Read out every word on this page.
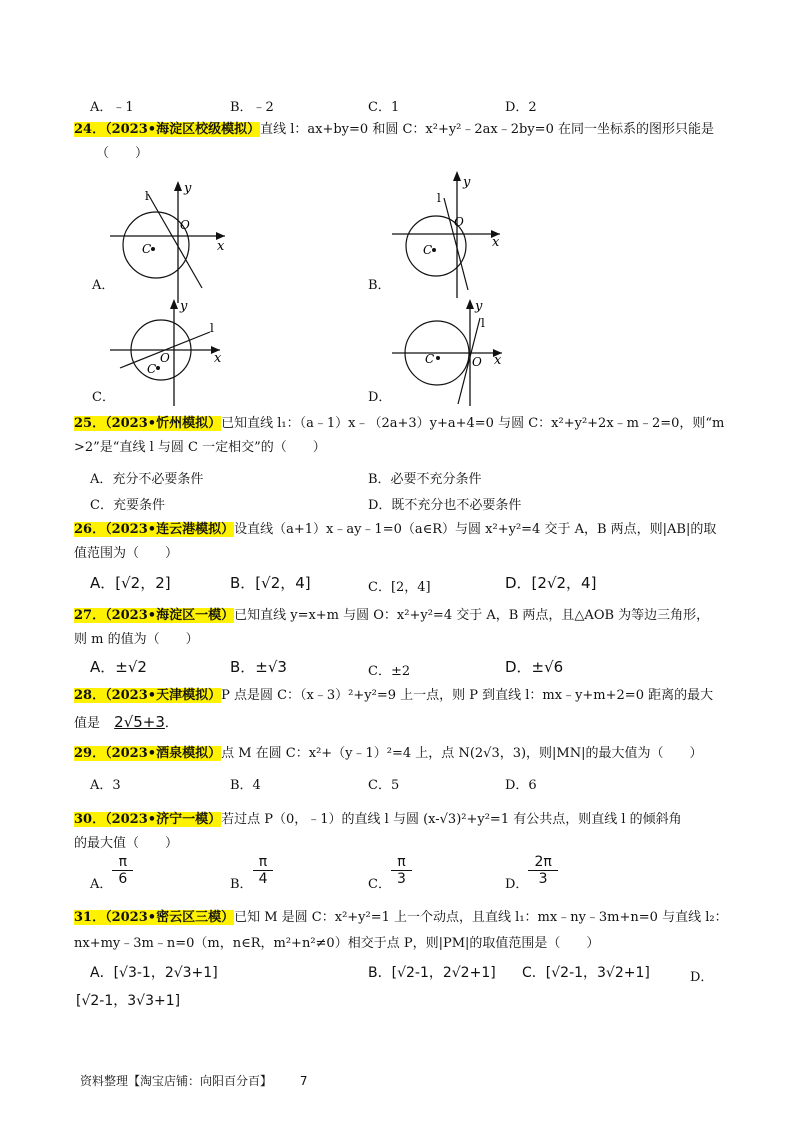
A．﹣1	B．﹣2	C．1	D．2
24．（2023•海淀区校级模拟）直线 l：ax+by=0 和圆 C：x²+y²﹣2ax﹣2by=0 在同一坐标系的图形只能是
（　　）
l	y
x
O
C
A．
l
y
x
O
C
B．
l
y
x
O
C
C．
l
y
x
O
C
D．
25．（2023•忻州模拟）已知直线 l₁：（a﹣1）x﹣（2a+3）y+a+4=0 与圆 C：x²+y²+2x﹣m﹣2=0，则“m
>2”是“直线 l 与圆 C 一定相交”的（　　）
A．充分不必要条件	B．必要不充分条件
C．充要条件	D．既不充分也不必要条件
26．（2023•连云港模拟）设直线（a+1）x﹣ay﹣1=0（a∈R）与圆 x²+y²=4 交于 A，B 两点，则|AB|的取
值范围为（　　）
A．[√2，2]	B．[√2，4]	C．[2，4]	D．[2√2，4]
27．（2023•海淀区一模）已知直线 y=x+m 与圆 O：x²+y²=4 交于 A，B 两点，且△AOB 为等边三角形，
则 m 的值为（　　）
A．±√2	B．±√3	C．±2	D．±√6
28．（2023•天津模拟）P 点是圆 C：（x﹣3）²+y²=9 上一点，则 P 到直线 l：mx﹣y+m+2=0 距离的最大
值是 2√5+3．
29．（2023•酒泉模拟）点 M 在圆 C：x²+（y﹣1）²=4 上，点 N(2√3，3)，则|MN|的最大值为（　　）
A．3	B．4	C．5	D．6
30．（2023•济宁一模）若过点 P（0，﹣1）的直线 l 与圆 (x-√3)²+y²=1 有公共点，则直线 l 的倾斜角
的最大值（　　）
A． $\frac{\pi}{6}$	B． $\frac{\pi}{4}$	C． $\frac{\pi}{3}$	D． $\frac{2\pi}{3}$
31．（2023•密云区三模）已知 M 是圆 C：x²+y²=1 上一个动点，且直线 l₁：mx﹣ny﹣3m+n=0 与直线 l₂：
nx+my﹣3m﹣n=0（m，n∈R，m²+n²≠0）相交于点 P，则|PM|的取值范围是（　　）
A．[√3-1，2√3+1]	B．[√2-1，2√2+1] C．[√2-1，3√2+1]	D．
[√2-1，3√3+1]
资料整理【淘宝店铺：向阳百分百】 7
